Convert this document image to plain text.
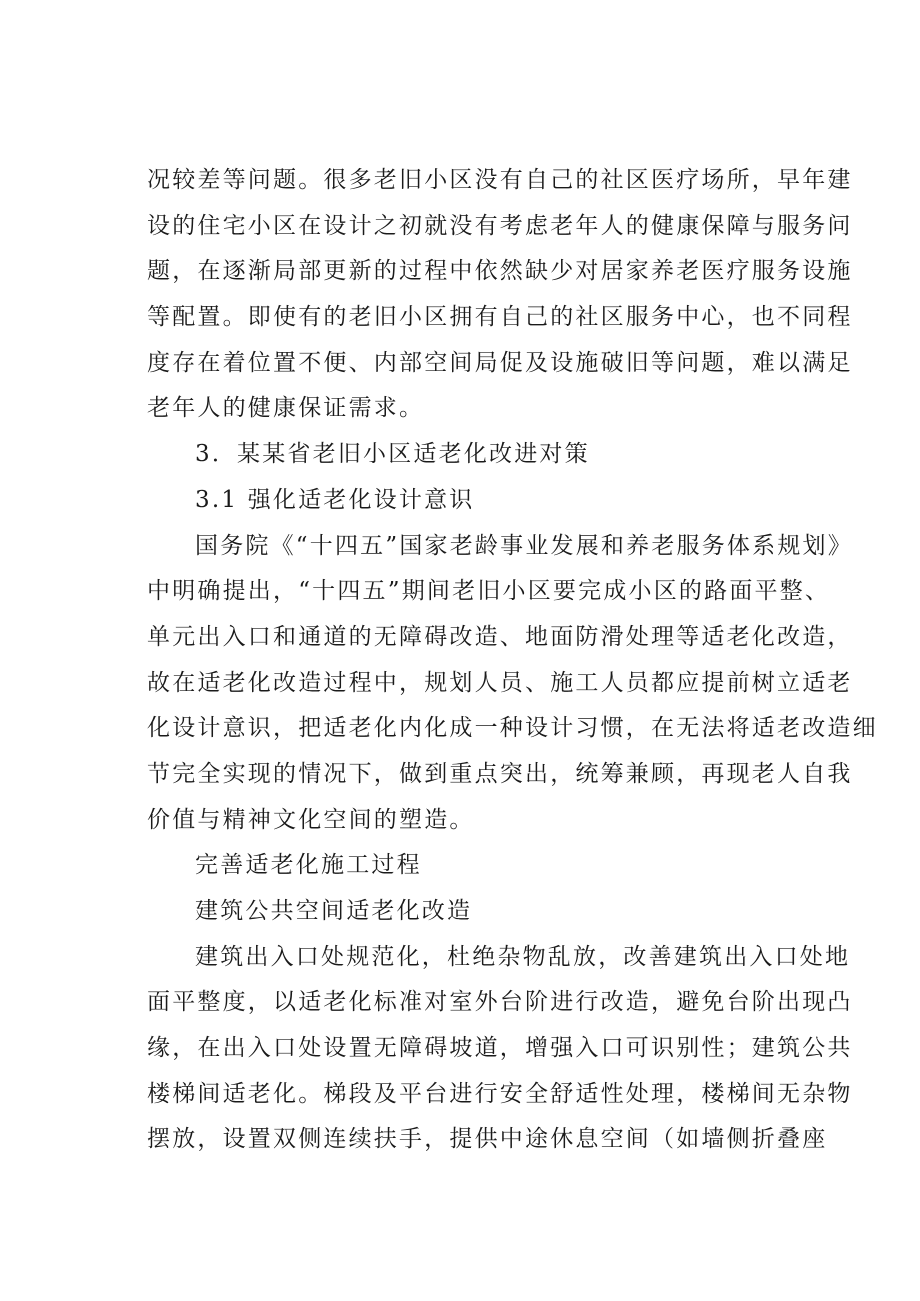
况较差等问题。很多老旧小区没有自己的社区医疗场所，早年建
设的住宅小区在设计之初就没有考虑老年人的健康保障与服务问
题，在逐渐局部更新的过程中依然缺少对居家养老医疗服务设施
等配置。即使有的老旧小区拥有自己的社区服务中心，也不同程
度存在着位置不便、内部空间局促及设施破旧等问题，难以满足
老年人的健康保证需求。
3．某某省老旧小区适老化改进对策
3.1 强化适老化设计意识
国务院《“十四五”国家老龄事业发展和养老服务体系规划》
中明确提出，“十四五”期间老旧小区要完成小区的路面平整、
单元出入口和通道的无障碍改造、地面防滑处理等适老化改造，
故在适老化改造过程中，规划人员、施工人员都应提前树立适老
化设计意识，把适老化内化成一种设计习惯，在无法将适老改造细
节完全实现的情况下，做到重点突出，统筹兼顾，再现老人自我
价值与精神文化空间的塑造。
完善适老化施工过程
建筑公共空间适老化改造
建筑出入口处规范化，杜绝杂物乱放，改善建筑出入口处地
面平整度，以适老化标准对室外台阶进行改造，避免台阶出现凸
缘，在出入口处设置无障碍坡道，增强入口可识别性；建筑公共
楼梯间适老化。梯段及平台进行安全舒适性处理，楼梯间无杂物
摆放，设置双侧连续扶手，提供中途休息空间（如墙侧折叠座
